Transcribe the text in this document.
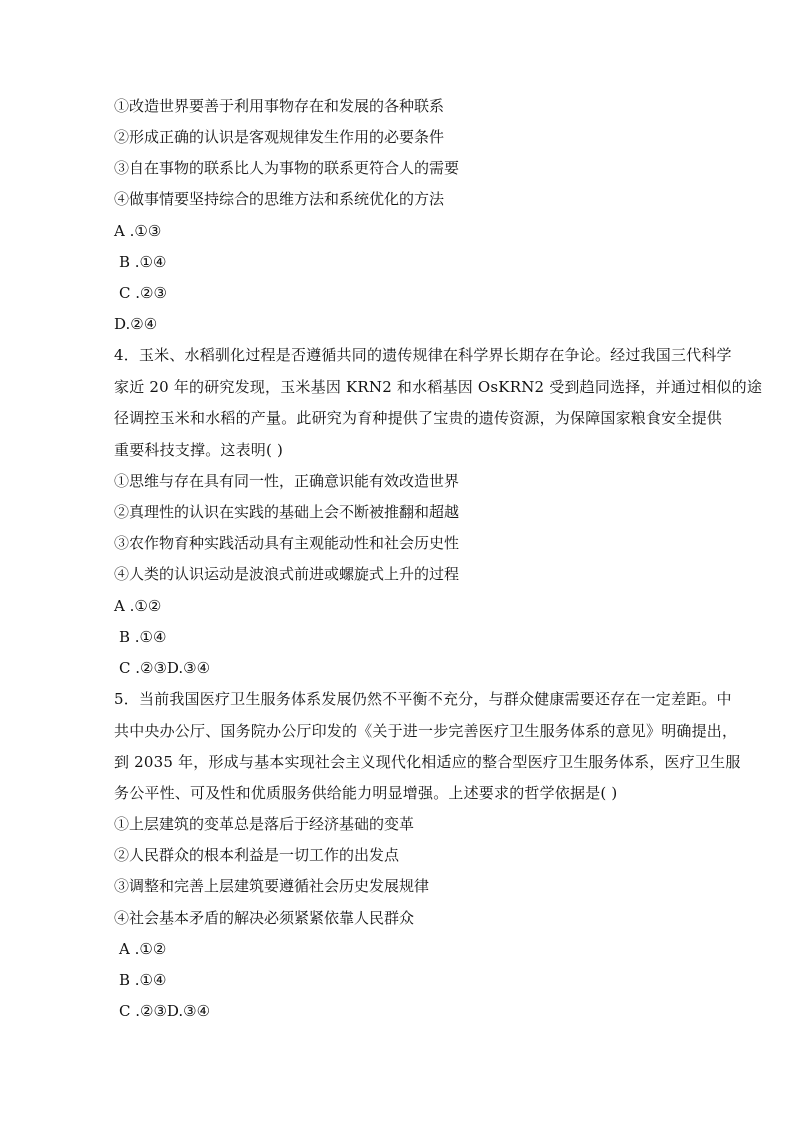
①改造世界要善于利用事物存在和发展的各种联系
②形成正确的认识是客观规律发生作用的必要条件
③自在事物的联系比人为事物的联系更符合人的需要
④做事情要坚持综合的思维方法和系统优化的方法
A .①③
B .①④
C .②③
D.②④
4．玉米、水稻驯化过程是否遵循共同的遗传规律在科学界长期存在争论。经过我国三代科学
家近 20 年的研究发现，玉米基因 KRN2 和水稻基因 OsKRN2 受到趋同选择，并通过相似的途
径调控玉米和水稻的产量。此研究为育种提供了宝贵的遗传资源，为保障国家粮食安全提供
重要科技支撑。这表明( )
①思维与存在具有同一性，正确意识能有效改造世界
②真理性的认识在实践的基础上会不断被推翻和超越
③农作物育种实践活动具有主观能动性和社会历史性
④人类的认识运动是波浪式前进或螺旋式上升的过程
A .①②
B .①④
C .②③D.③④
5．当前我国医疗卫生服务体系发展仍然不平衡不充分，与群众健康需要还存在一定差距。中
共中央办公厅、国务院办公厅印发的《关于进一步完善医疗卫生服务体系的意见》明确提出，
到 2035 年，形成与基本实现社会主义现代化相适应的整合型医疗卫生服务体系，医疗卫生服
务公平性、可及性和优质服务供给能力明显增强。上述要求的哲学依据是( )
①上层建筑的变革总是落后于经济基础的变革
②人民群众的根本利益是一切工作的出发点
③调整和完善上层建筑要遵循社会历史发展规律
④社会基本矛盾的解决必须紧紧依靠人民群众
A .①②
B .①④
C .②③D.③④
